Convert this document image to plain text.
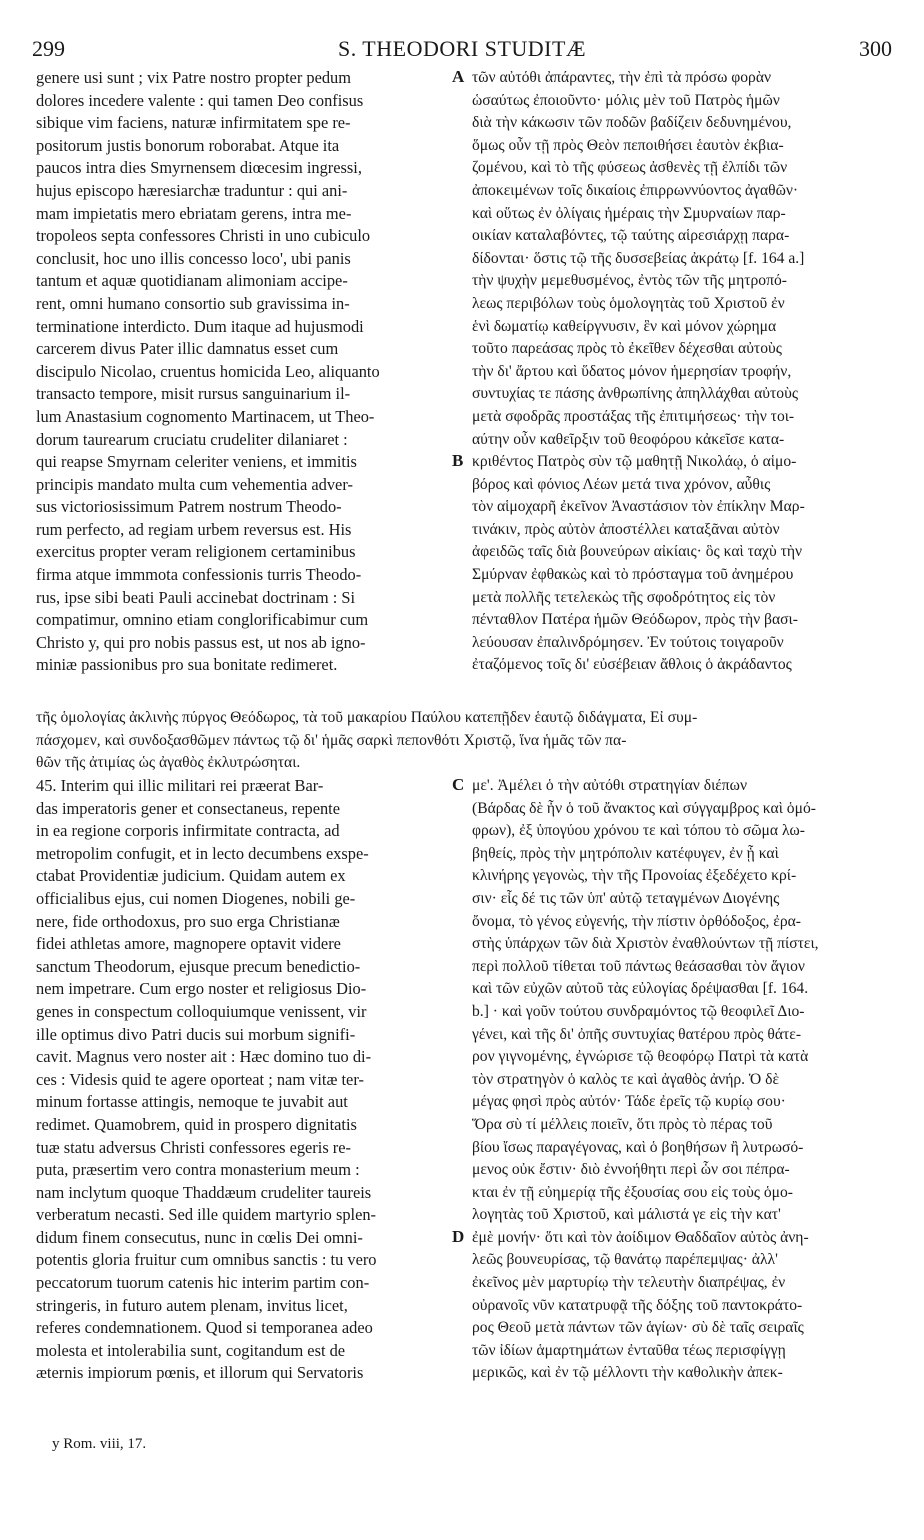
299	S. THEODORI STUDITÆ	300
genere usi sunt ; vix Patre nostro propter pedum
dolores incedere valente : qui tamen Deo confisus
sibique vim faciens, naturæ infirmitatem spe re-
positorum justis bonorum roborabat. Atque ita
paucos intra dies Smyrnensem diœcesim ingressi,
hujus episcopo hæresiarchæ traduntur : qui ani-
mam impietatis mero ebriatam gerens, intra me-
tropoleos septa confessores Christi in uno cubiculo
conclusit, hoc uno illis concesso loco', ubi panis
tantum et aquæ quotidianam alimoniam accipe-
rent, omni humano consortio sub gravissima in-
terminatione interdicto. Dum itaque ad hujusmodi
carcerem divus Pater illic damnatus esset cum
discipulo Nicolao, cruentus homicida Leo, aliquanto
transacto tempore, misit rursus sanguinarium il-
lum Anastasium cognomento Martinacem, ut Theo-
dorum taurearum cruciatu crudeliter dilaniaret :
qui reapse Smyrnam celeriter veniens, et immitis
principis mandato multa cum vehementia adver-
sus victoriosissimum Patrem nostrum Theodo-
rum perfecto, ad regiam urbem reversus est. His
exercitus propter veram religionem certaminibus
firma atque immmota confessionis turris Theodo-
rus, ipse sibi beati Pauli accinebat doctrinam : Si
compatimur, omnino etiam conglorificabimur cum
Christo y, qui pro nobis passus est, ut nos ab igno-
miniæ passionibus pro sua bonitate redimeret.
τῶν αὐτόθι ἀπάραντες, τὴν ἐπὶ τὰ πρόσω φορὰν
ὡσαύτως ἐποιοῦντο· μόλις μὲν τοῦ Πατρὸς ἡμῶν
διὰ τὴν κάκωσιν τῶν ποδῶν βαδίζειν δεδυνημένου,
ὅμως οὖν τῇ πρὸς Θεὸν πεποιθήσει ἑαυτὸν ἐκβια-
ζομένου, καὶ τὸ τῆς φύσεως ἀσθενὲς τῇ ἐλπίδι τῶν
ἀποκειμένων τοῖς δικαίοις ἐπιρρωννύοντος ἀγαθῶν·
καὶ οὕτως ἐν ὀλίγαις ἡμέραις τὴν Σμυρναίων παρ-
οικίαν καταλαβόντες, τῷ ταύτης αἱρεσιάρχῃ παρα-
δίδονται· ὅστις τῷ τῆς δυσσεβείας ἀκράτῳ [f. 164 a.]
τὴν ψυχὴν μεμεθυσμένος, ἐντὸς τῶν τῆς μητροπό-
λεως περιβόλων τοὺς ὁμολογητὰς τοῦ Χριστοῦ ἐν
ἑνὶ δωματίῳ καθείργνυσιν, ἓν καὶ μόνον χώρημα
τοῦτο παρεάσας πρὸς τὸ ἐκεῖθεν δέχεσθαι αὐτοὺς
τὴν δι' ἄρτου καὶ ὕδατος μόνον ἡμερησίαν τροφήν,
συντυχίας τε πάσης ἀνθρωπίνης ἀπηλλάχθαι αὐτοὺς
μετὰ σφοδρᾶς προστάξας τῆς ἐπιτιμήσεως· τὴν τοι-
αύτην οὖν καθεῖρξιν τοῦ θεοφόρου κἀκεῖσε κατα-
κριθέντος Πατρὸς σὺν τῷ μαθητῇ Νικολάῳ, ὁ αἱμο-
βόρος καὶ φόνιος Λέων μετά τινα χρόνον, αὖθις
τὸν αἱμοχαρῆ ἐκεῖνον Ἀναστάσιον τὸν ἐπίκλην Μαρ-
τινάκιν, πρὸς αὐτὸν ἀποστέλλει καταξᾶναι αὐτὸν
ἀφειδῶς ταῖς διὰ βουνεύρων αἰκίαις· ὃς καὶ ταχὺ τὴν
Σμύρναν ἐφθακὼς καὶ τὸ πρόσταγμα τοῦ ἀνημέρου
μετὰ πολλῆς τετελεκὼς τῆς σφοδρότητος εἰς τὸν
πένταθλον Πατέρα ἡμῶν Θεόδωρον, πρὸς τὴν βασι-
λεύουσαν ἐπαλινδρόμησεν. Ἐν τούτοις τοιγαροῦν
ἐταζόμενος τοῖς δι' εὐσέβειαν ἄθλοις ὁ ἀκράδαντος
τῆς ὁμολογίας ἀκλινὴς πύργος Θεόδωρος, τὰ τοῦ μακαρίου Παύλου κατεπῇδεν ἑαυτῷ διδάγματα, Εἰ συμ-
πάσχομεν, καὶ συνδοξασθῶμεν πάντως τῷ δι' ἡμᾶς σαρκὶ πεπονθότι Χριστῷ, ἵνα ἡμᾶς τῶν πα-
θῶν τῆς ἀτιμίας ὡς ἀγαθὸς ἐκλυτρώσηται.
45. Interim qui illic militari rei præerat Bar-
das imperatoris gener et consectaneus, repente
in ea regione corporis infirmitate contracta, ad
metropolim confugit, et in lecto decumbens exspe-
ctabat Providentiæ judicium. Quidam autem ex
officialibus ejus, cui nomen Diogenes, nobili ge-
nere, fide orthodoxus, pro suo erga Christianæ
fidei athletas amore, magnopere optavit videre
sanctum Theodorum, ejusque precum benedictio-
nem impetrare. Cum ergo noster et religiosus Dio-
genes in conspectum colloquiumque venissent, vir
ille optimus divo Patri ducis sui morbum signifi-
cavit. Magnus vero noster ait : Hæc domino tuo di-
ces : Videsis quid te agere oporteat ; nam vitæ ter-
minum fortasse attingis, nemoque te juvabit aut
redimet. Quamobrem, quid in prospero dignitatis
tuæ statu adversus Christi confessores egeris re-
puta, præsertim vero contra monasterium meum :
nam inclytum quoque Thaddæum crudeliter taureis
verberatum necasti. Sed ille quidem martyrio splen-
didum finem consecutus, nunc in cœlis Dei omni-
potentis gloria fruitur cum omnibus sanctis : tu vero
peccatorum tuorum catenis hic interim partim con-
stringeris, in futuro autem plenam, invitus licet,
referes condemnationem. Quod si temporanea adeo
molesta et intolerabilia sunt, cogitandum est de
æternis impiorum pœnis, et illorum qui Servatoris
με'. Ἀμέλει ὁ τὴν αὐτόθι στρατηγίαν διέπων
(Βάρδας δὲ ἦν ὁ τοῦ ἄνακτος καὶ σύγγαμβρος καὶ ὁμό-
φρων), ἐξ ὑπογύου χρόνου τε καὶ τόπου τὸ σῶμα λω-
βηθείς, πρὸς τὴν μητρόπολιν κατέφυγεν, ἐν ᾗ καὶ
κλινήρης γεγονὼς, τὴν τῆς Προνοίας ἐξεδέχετο κρί-
σιν· εἷς δέ τις τῶν ὑπ' αὐτῷ τεταγμένων Διογένης
ὄνομα, τὸ γένος εὐγενής, τὴν πίστιν ὀρθόδοξος, ἐρα-
στὴς ὑπάρχων τῶν διὰ Χριστὸν ἐναθλούντων τῇ πίστει,
περὶ πολλοῦ τίθεται τοῦ πάντως θεάσασθαι τὸν ἅγιον
καὶ τῶν εὐχῶν αὐτοῦ τὰς εὐλογίας δρέψασθαι [f. 164.
b.] · καὶ γοῦν τούτου συνδραμόντος τῷ θεοφιλεῖ Διο-
γένει, καὶ τῆς δι' ὀπῆς συντυχίας θατέρου πρὸς θάτε-
ρον γιγνομένης, ἐγνώρισε τῷ θεοφόρῳ Πατρὶ τὰ κατὰ
τὸν στρατηγὸν ὁ καλὸς τε καὶ ἀγαθὸς ἀνήρ. Ὁ δὲ
μέγας φησὶ πρὸς αὐτόν· Τάδε ἐρεῖς τῷ κυρίῳ σου·
Ὅρα σὺ τί μέλλεις ποιεῖν, ὅτι πρὸς τὸ πέρας τοῦ
βίου ἴσως παραγέγονας, καὶ ὁ βοηθήσων ἢ λυτρωσό-
μενος οὐκ ἔστιν· διὸ ἐννοήθητι περὶ ὧν σοι πέπρα-
κται ἐν τῇ εὐημερίᾳ τῆς ἐξουσίας σου εἰς τοὺς ὁμο-
λογητὰς τοῦ Χριστοῦ, καὶ μάλιστά γε εἰς τὴν κατ'
ἐμὲ μονήν· ὅτι καὶ τὸν ἀοίδιμον Θαδδαῖον αὐτὸς ἀνη-
λεῶς βουνευρίσας, τῷ θανάτῳ παρέπεμψας· ἀλλ'
ἐκεῖνος μὲν μαρτυρίῳ τὴν τελευτὴν διαπρέψας, ἐν
οὐρανοῖς νῦν κατατρυφᾷ τῆς δόξης τοῦ παντοκράτο-
ρος Θεοῦ μετὰ πάντων τῶν ἁγίων· σὺ δὲ ταῖς σειραῖς
τῶν ἰδίων ἁμαρτημάτων ἐνταῦθα τέως περισφίγγῃ
μερικῶς, καὶ ἐν τῷ μέλλοντι τὴν καθολικὴν ἀπεκ-
A
B
C
D
y Rom. viii, 17.
